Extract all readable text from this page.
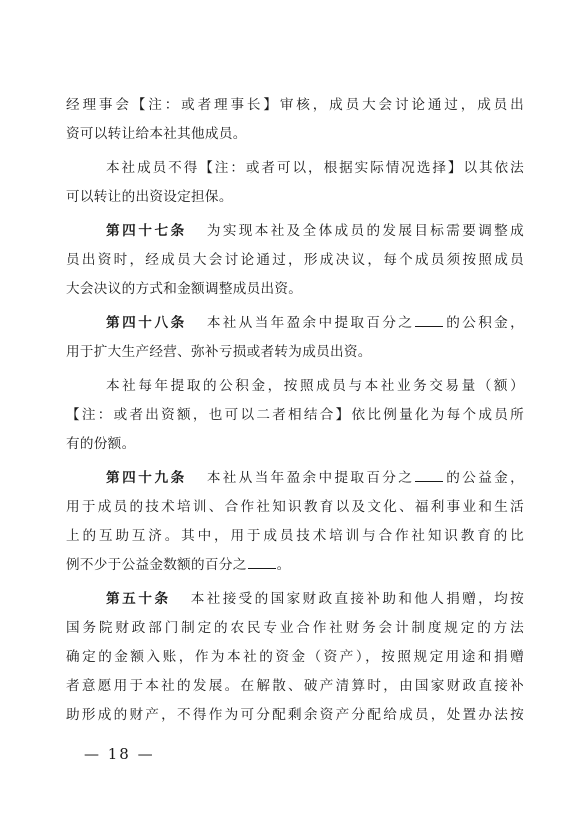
经理事会【注：或者理事长】审核，成员大会讨论通过，成员出

资可以转让给本社其他成员。

本社成员不得【注：或者可以，根据实际情况选择】以其依法

可以转让的出资设定担保。

第四十七条 为实现本社及全体成员的发展目标需要调整成

员出资时，经成员大会讨论通过，形成决议，每个成员须按照成员

大会决议的方式和金额调整成员出资。

第四十八条 本社从当年盈余中提取百分之 的公积金，

用于扩大生产经营、弥补亏损或者转为成员出资。

本社每年提取的公积金，按照成员与本社业务交易量（额）

【注：或者出资额，也可以二者相结合】依比例量化为每个成员所

有的份额。

第四十九条 本社从当年盈余中提取百分之 的公益金，

用于成员的技术培训、合作社知识教育以及文化、福利事业和生活

上的互助互济。其中，用于成员技术培训与合作社知识教育的比

例不少于公益金数额的百分之 。

第五十条 本社接受的国家财政直接补助和他人捐赠，均按

国务院财政部门制定的农民专业合作社财务会计制度规定的方法

确定的金额入账，作为本社的资金（资产），按照规定用途和捐赠

者意愿用于本社的发展。在解散、破产清算时，由国家财政直接补

助形成的财产，不得作为可分配剩余资产分配给成员，处置办法按

— 18 —
